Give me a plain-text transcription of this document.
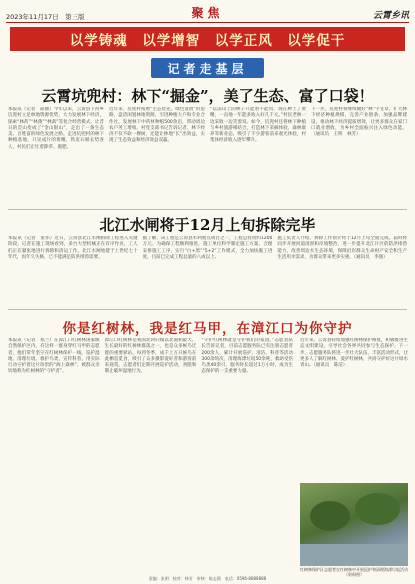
2023年11月17日　第三版	聚焦	云霄乡讯
以学铸魂　以学增智　以学正风　以学促干
记者走基层
云霄坑兜村：林下“掘金”，美了生态、富了口袋！
本报讯（记者　陈丽）今年以来，云霄县下河乡坑兜村立足林地资源优势，大力发展林下经济，探索“林药”“林菌”“林禽”等复合经营模式，让昔日的荒山变成了“金山银山”，走出了一条生态美、百姓富的绿色发展之路。走进坑兜村的林下种植基地，只见成片的黄精、铁皮石斛长势喜人，村民们正忙着除草、施肥。
近年来，坑兜村按照“生态优先、绿色发展”的思路，盘活闲置林地资源，引进种植大户和专业合作社，发展林下中药材种植500余亩，带动周边农户务工增收。村党支部书记告诉记者，林下经济不仅不砍一棵树，还能让林地“长”出效益，实现了生态效益和经济效益双赢。
“以前山上的林子只能看不能用，现在种上了黄精，一亩地一年能多收入好几千元。”村民老林一边采收一边笑着说。如今，坑兜村还将林下种植与乡村旅游相结合，打造林下采摘体验、森林康养等新业态，吸引了不少游客前来观光体验，村集体经济收入逐年攀升。
下一步，坑兜村将继续做好“林”字文章，扩大林下经济种植规模，完善产业链条，加强品牌建设，推动林下经济提质增效，让更多群众在家门口就业增收，为乡村全面振兴注入绿色动能。（通讯员　王明　林芳）
北江水闸将于12月上旬拆除完毕
本报讯（记者　张伟）近日，云霄县北江水闸拆除工程进入关键阶段。记者在施工现场看到，多台大型机械正在有序作业，工人们正在紧张地进行拆除和清运工作。北江水闸始建于上世纪七十年代，因年久失修，已不能满足防洪排涝需要。
据了解，该工程是云霄县水利重点项目之一，工程总投资约1200万元。为确保工程顺利推进，施工单位科学制定施工方案，合理安排施工工序，实行“白+黑”“5+2”工作模式，全力加快施工进度，目前已完成工程总量的八成以上。
施工负责人介绍，拆除工作预计将于12月上旬全面完成。届时将同步开展河道清淤和岸坡整治，进一步提升北江片区的防洪排涝能力，改善周边水生态环境，保障沿岸群众生命财产安全和生产生活用水需求，为群众带来更多实惠。（通讯员　李强）
你是红树林，我是红马甲，在漳江口为你守护
本报讯（记者　郑兰）在漳江口红树林国家级自然保护区内，有这样一群身穿红马甲的志愿者，他们常年坚守在红树林保护一线，巡护湿地、清理垃圾、救护鸟类、宣传科普，用实际行动守护着这片珍贵的“海上森林”，被群众亲切地称为红树林的“守护者”。
漳江口红树林是我国北回归线以北面积最大、生长最好的红树林群落之一，也是众多候鸟迁徙的重要驿站。每到冬季，成千上万只候鸟在此栖息觅食，吸引了众多摄影爱好者和游客前来观赏。志愿者们定期开展巡护活动，劝阻和制止破坏湿地行为。
“守护红树林就是守护我们的家园。”志愿者队长告诉记者，目前志愿服务队已有注册志愿者200余人，累计开展巡护、清洁、科普等活动300余场次，清理海漂垃圾50余吨，救助受伤鸟类40余只，服务时长超过1万小时，成为生态保护的一支重要力量。
近年来，云霄县持续加强红树林保护修复，积极推进生态文明建设，引导社会各界共同参与生态保护。下一步，志愿服务队将进一步壮大队伍，丰富活动形式，让更多人了解红树林、爱护红树林，共同守护好这片绿水青山。（通讯员　陈洁）
红树林保护区志愿者在红树林中开展巡护和清理海漂垃圾活动（资料图）
责编：张明　校对：林芳　审核：陈志强　电话：0596-8888888
